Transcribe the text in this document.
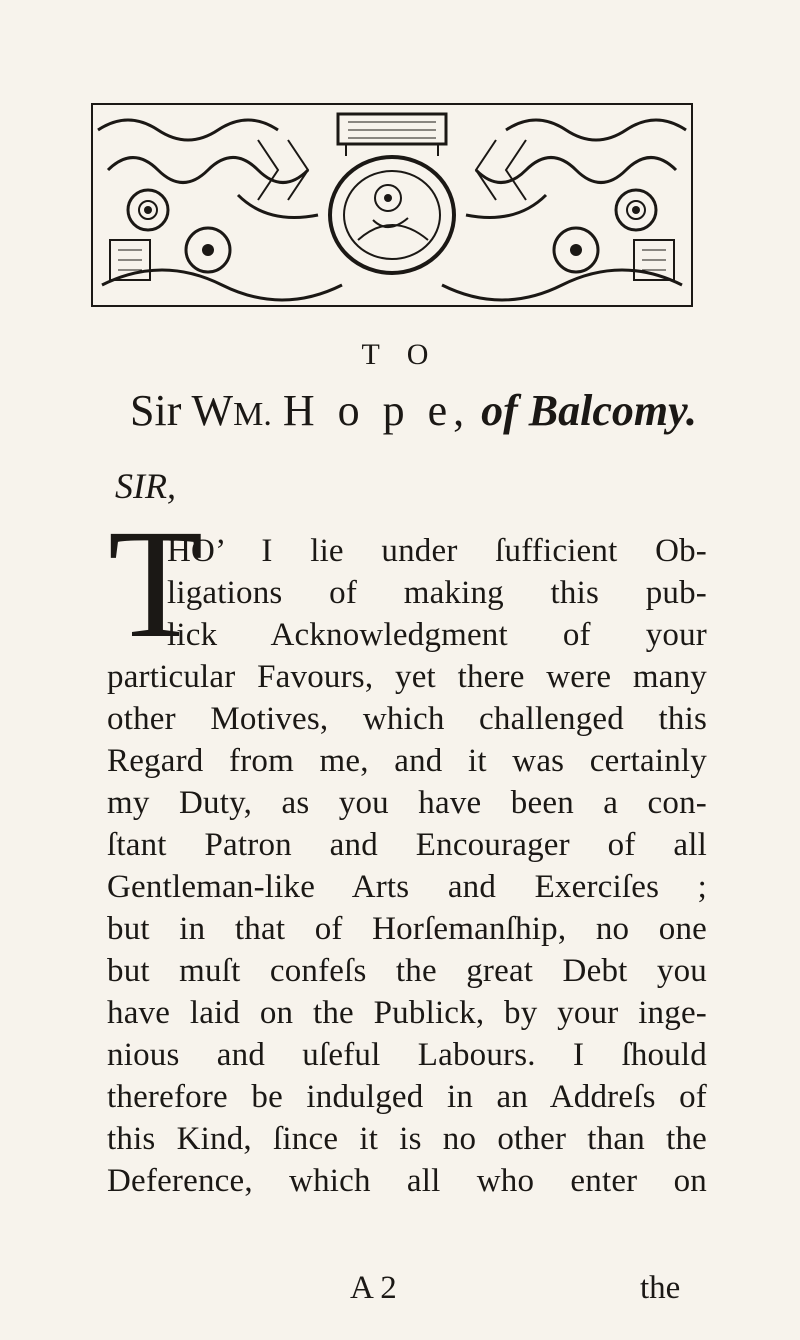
T O
Sir WM. H o p e, of Balcomy.
SIR,
T
HO’ I lie under ſufficient Ob-
ligations of making this pub-
lick Acknowledgment of your
particular Favours, yet there were many
other Motives, which challenged this
Regard from me, and it was certainly
my Duty, as you have been a con-
ſtant Patron and Encourager of all
Gentleman-like Arts and Exerciſes ;
but in that of Horſemanſhip, no one
but muſt confeſs the great Debt you
have laid on the Publick, by your inge-
nious and uſeful Labours. I ſhould
therefore be indulged in an Addreſs of
this Kind, ſince it is no other than the
Deference, which all who enter on
A 2	the
